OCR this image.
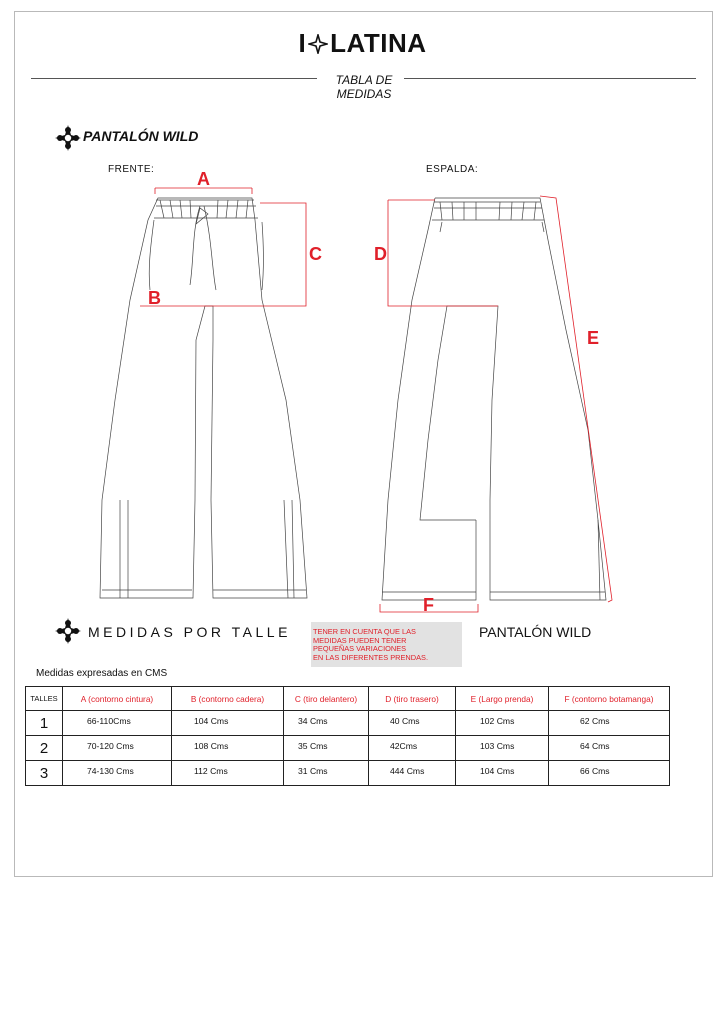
I LATINA
TABLA DE
MEDIDAS
PANTALÓN WILD
FRENTE:	ESPALDA:
A
B
C	D
E
F
MEDIDAS POR TALLE	TENER EN CUENTA QUE LAS
MEDIDAS PUEDEN TENER
PEQUEÑAS VARIACIONES
EN LAS DIFERENTES PRENDAS.
PANTALÓN WILD
Medidas expresadas en CMS
TALLES	A (contorno cintura)	B (contorno cadera)	C (tiro delantero)	D (tiro trasero)	E (Largo prenda)	F (contorno botamanga)
1	66-110Cms	104 Cms	34 Cms	40 Cms	102 Cms	62 Cms

2	70-120 Cms	108 Cms	35 Cms	42Cms	103 Cms	64 Cms

3	74-130 Cms	112 Cms	31 Cms	444 Cms	104 Cms	66 Cms
